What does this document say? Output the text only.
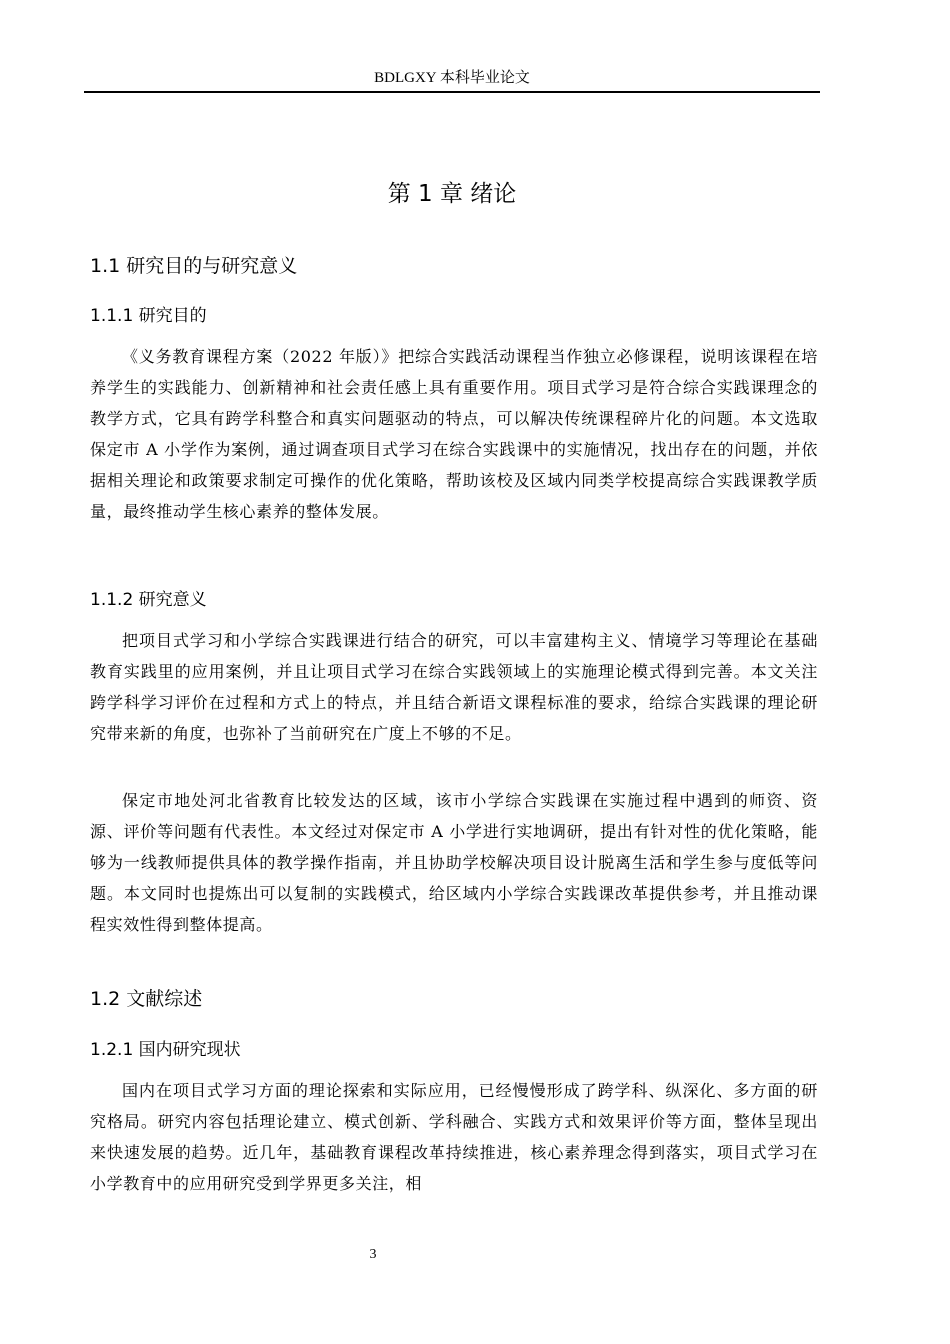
BDLGXY 本科毕业论文
第 1 章 绪论
1.1 研究目的与研究意义
1.1.1 研究目的

《义务教育课程方案（2022 年版）》把综合实践活动课程当作独立必修课程，说明该课程在培养学生的实践能力、创新精神和社会责任感上具有重要作用。项目式学习是符合综合实践课理念的教学方式，它具有跨学科整合和真实问题驱动的特点，可以解决传统课程碎片化的问题。本文选取保定市 A 小学作为案例，通过调查项目式学习在综合实践课中的实施情况，找出存在的问题，并依据相关理论和政策要求制定可操作的优化策略，帮助该校及区域内同类学校提高综合实践课教学质量，最终推动学生核心素养的整体发展。

1.1.2 研究意义

把项目式学习和小学综合实践课进行结合的研究，可以丰富建构主义、情境学习等理论在基础教育实践里的应用案例，并且让项目式学习在综合实践领域上的实施理论模式得到完善。本文关注跨学科学习评价在过程和方式上的特点，并且结合新语文课程标准的要求，给综合实践课的理论研究带来新的角度，也弥补了当前研究在广度上不够的不足。

保定市地处河北省教育比较发达的区域，该市小学综合实践课在实施过程中遇到的师资、资源、评价等问题有代表性。本文经过对保定市 A 小学进行实地调研，提出有针对性的优化策略，能够为一线教师提供具体的教学操作指南，并且协助学校解决项目设计脱离生活和学生参与度低等问题。本文同时也提炼出可以复制的实践模式，给区域内小学综合实践课改革提供参考，并且推动课程实效性得到整体提高。

1.2 文献综述
1.2.1 国内研究现状

国内在项目式学习方面的理论探索和实际应用，已经慢慢形成了跨学科、纵深化、多方面的研究格局。研究内容包括理论建立、模式创新、学科融合、实践方式和效果评价等方面，整体呈现出来快速发展的趋势。近几年，基础教育课程改革持续推进，核心素养理念得到落实，项目式学习在小学教育中的应用研究受到学界更多关注，相

3
